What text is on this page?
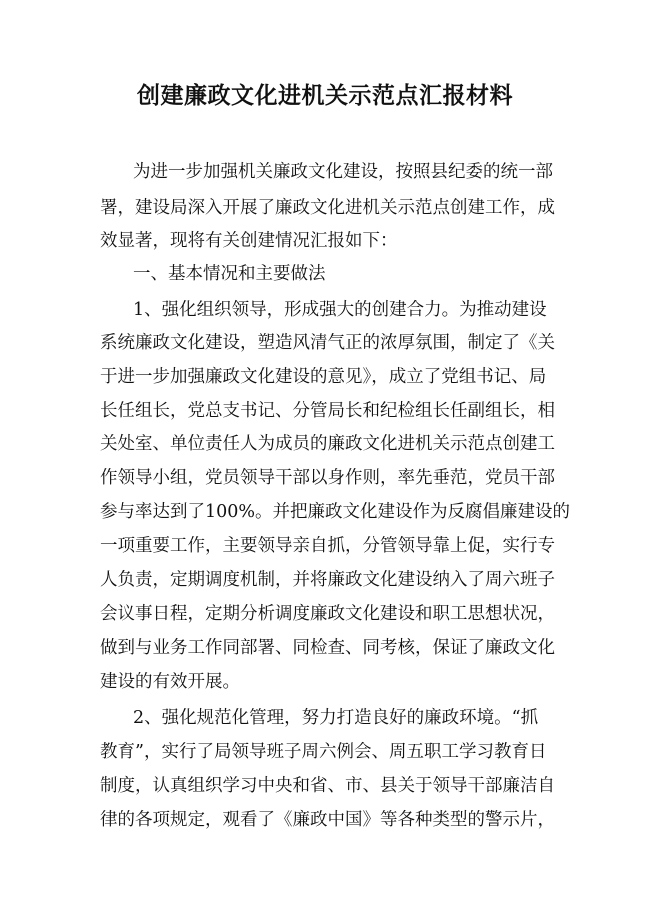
创建廉政文化进机关示范点汇报材料
为进一步加强机关廉政文化建设，按照县纪委的统一部
署，建设局深入开展了廉政文化进机关示范点创建工作，成
效显著，现将有关创建情况汇报如下：
一、基本情况和主要做法
1、强化组织领导，形成强大的创建合力。为推动建设
系统廉政文化建设，塑造风清气正的浓厚氛围，制定了《关
于进一步加强廉政文化建设的意见》，成立了党组书记、局
长任组长，党总支书记、分管局长和纪检组长任副组长，相
关处室、单位责任人为成员的廉政文化进机关示范点创建工
作领导小组，党员领导干部以身作则，率先垂范，党员干部
参与率达到了100%。并把廉政文化建设作为反腐倡廉建设的
一项重要工作，主要领导亲自抓，分管领导靠上促，实行专
人负责，定期调度机制，并将廉政文化建设纳入了周六班子
会议事日程，定期分析调度廉政文化建设和职工思想状况，
做到与业务工作同部署、同检查、同考核，保证了廉政文化
建设的有效开展。
2、强化规范化管理，努力打造良好的廉政环境。“抓
教育”，实行了局领导班子周六例会、周五职工学习教育日
制度，认真组织学习中央和省、市、县关于领导干部廉洁自
律的各项规定，观看了《廉政中国》等各种类型的警示片，
